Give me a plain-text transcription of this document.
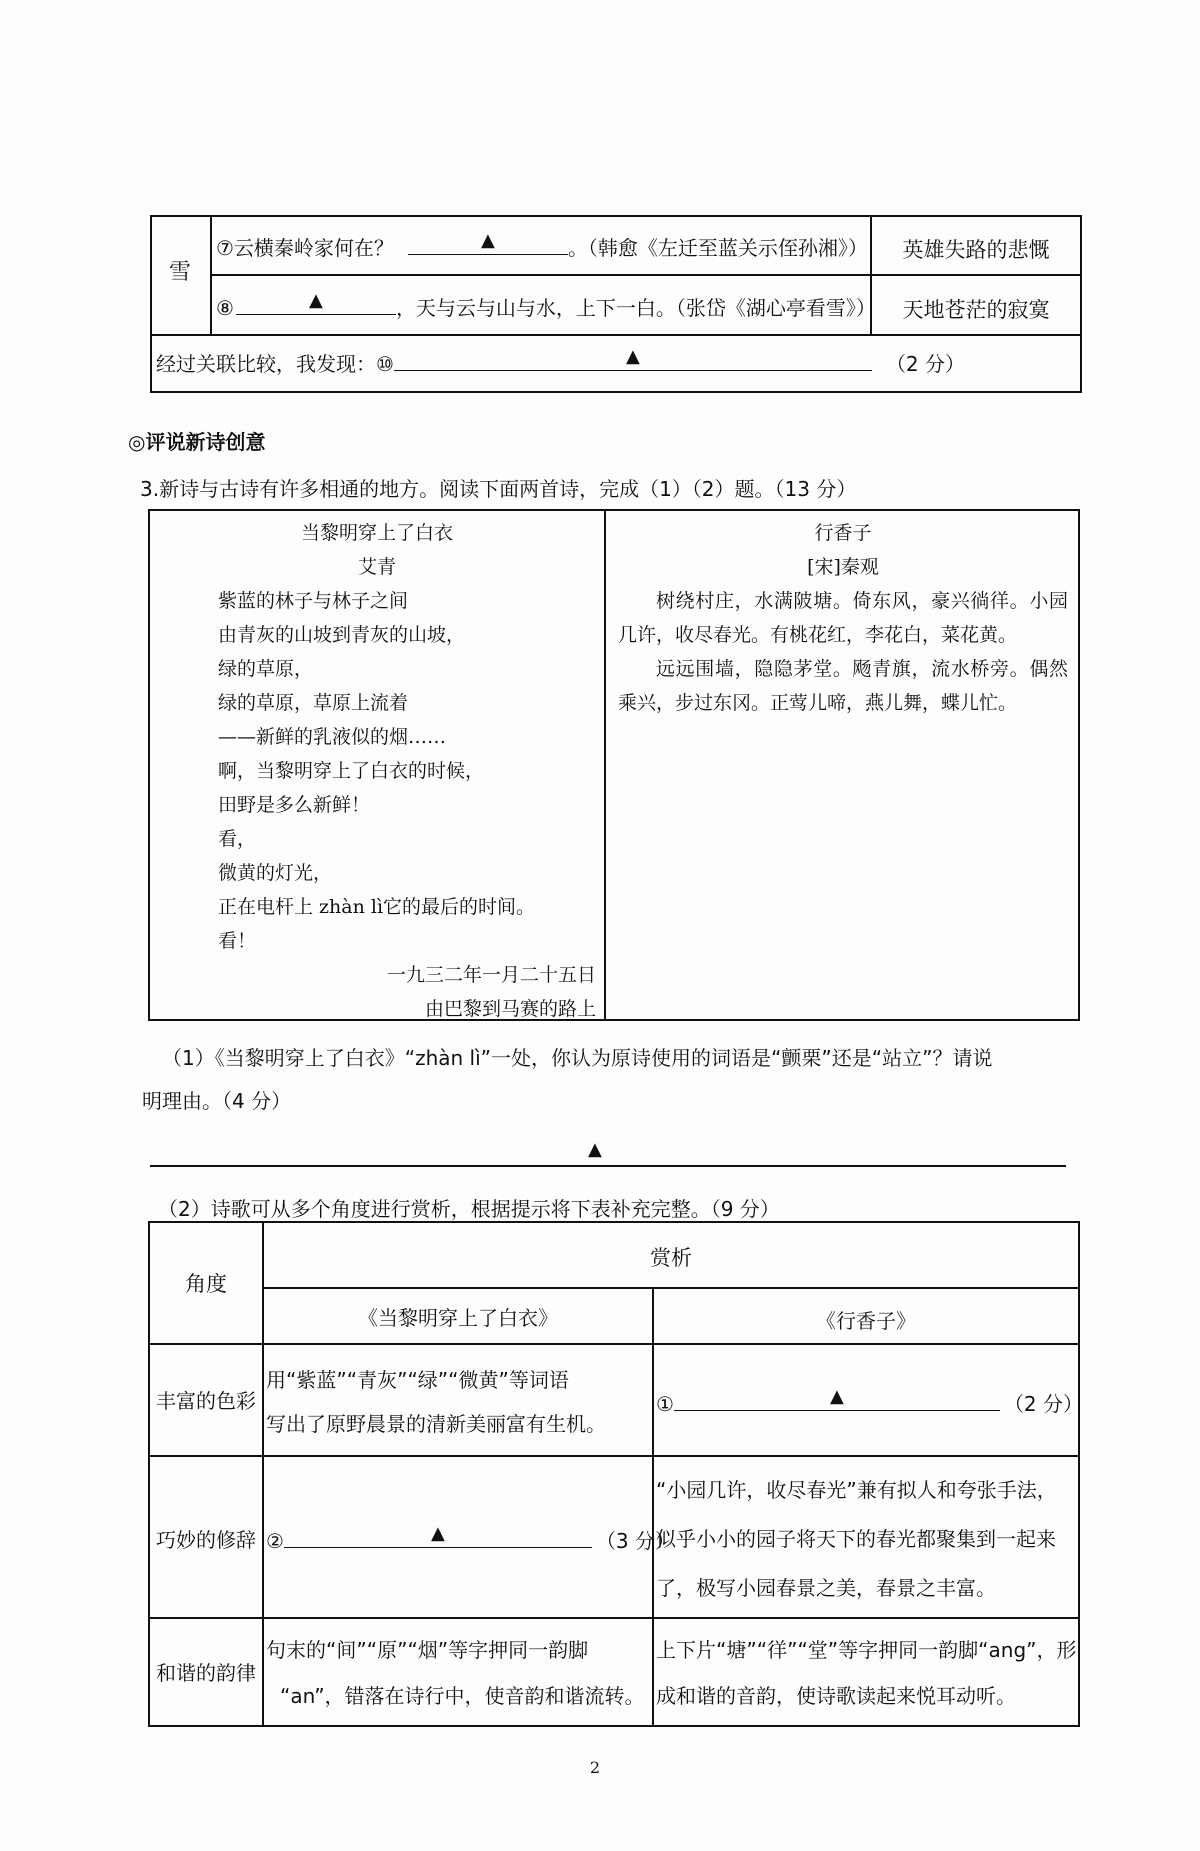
雪
⑦云横秦岭家何在？	▲	。（韩愈《左迁至蓝关示侄孙湘》）	英雄失路的悲慨
⑧	▲	，天与云与山与水，上下一白。（张岱《湖心亭看雪》）	天地苍茫的寂寞
经过关联比较，我发现：⑩	▲	（2 分）
◎评说新诗创意
3.新诗与古诗有许多相通的地方。阅读下面两首诗，完成（1）（2）题。（13 分）
当黎明穿上了白衣
艾青
紫蓝的林子与林子之间
由青灰的山坡到青灰的山坡，
绿的草原，
绿的草原，草原上流着
——新鲜的乳液似的烟……
啊，当黎明穿上了白衣的时候，
田野是多么新鲜！
看，
微黄的灯光，
正在电杆上 zhàn lì它的最后的时间。
看！
一九三二年一月二十五日
由巴黎到马赛的路上
行香子
[宋]秦观
树绕村庄，水满陂塘。倚东风，豪兴徜徉。小园几许，收尽春光。有桃花红，李花白，菜花黄。
远远围墙，隐隐茅堂。飏青旗，流水桥旁。偶然乘兴，步过东冈。正莺儿啼，燕儿舞，蝶儿忙。
（1）《当黎明穿上了白衣》“zhàn lì”一处，你认为原诗使用的词语是“颤栗”还是“站立”？请说
明理由。（4 分）
▲
（2）诗歌可从多个角度进行赏析，根据提示将下表补充完整。（9 分）
角度
赏析
《当黎明穿上了白衣》	《行香子》
丰富的色彩
用“紫蓝”“青灰”“绿”“微黄”等词语
写出了原野晨景的清新美丽富有生机。
①	▲	（2 分）
巧妙的修辞 ②	▲	（3 分）
“小园几许，收尽春光”兼有拟人和夸张手法，
似乎小小的园子将天下的春光都聚集到一起来
了，极写小园春景之美，春景之丰富。
和谐的韵律
句末的“间”“原”“烟”等字押同一韵脚
“an”，错落在诗行中，使音韵和谐流转。
上下片“塘”“徉”“堂”等字押同一韵脚“ang”，形
成和谐的音韵，使诗歌读起来悦耳动听。
2
